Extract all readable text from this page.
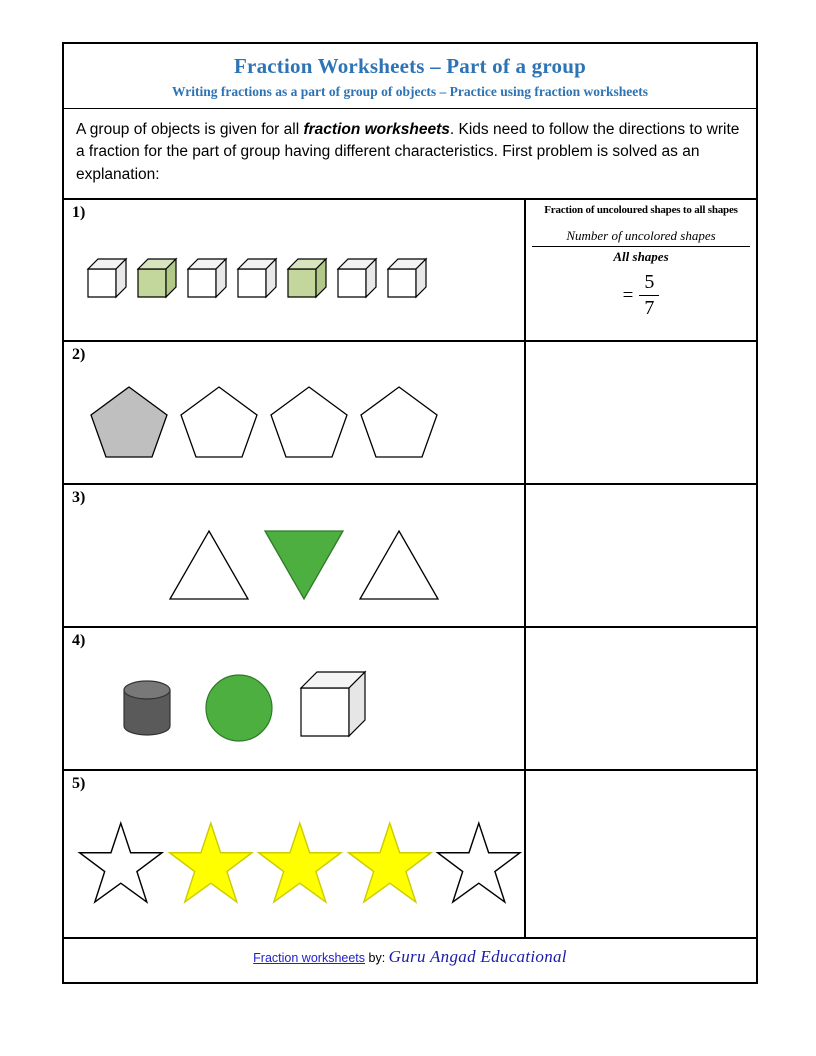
Fraction Worksheets – Part of a group
Writing fractions as a part of group of objects – Practice using fraction worksheets
A group of objects is given for all fraction worksheets. Kids need to follow the directions to write a fraction for the part of group having different characteristics. First problem is solved as an explanation:
1)	Fraction of uncoloured shapes to all shapes
Number of uncolored shapes
All shapes
= $\frac{5}{7}$
2)
3)
4)
5)
Fraction worksheets by: Guru Angad Educational
